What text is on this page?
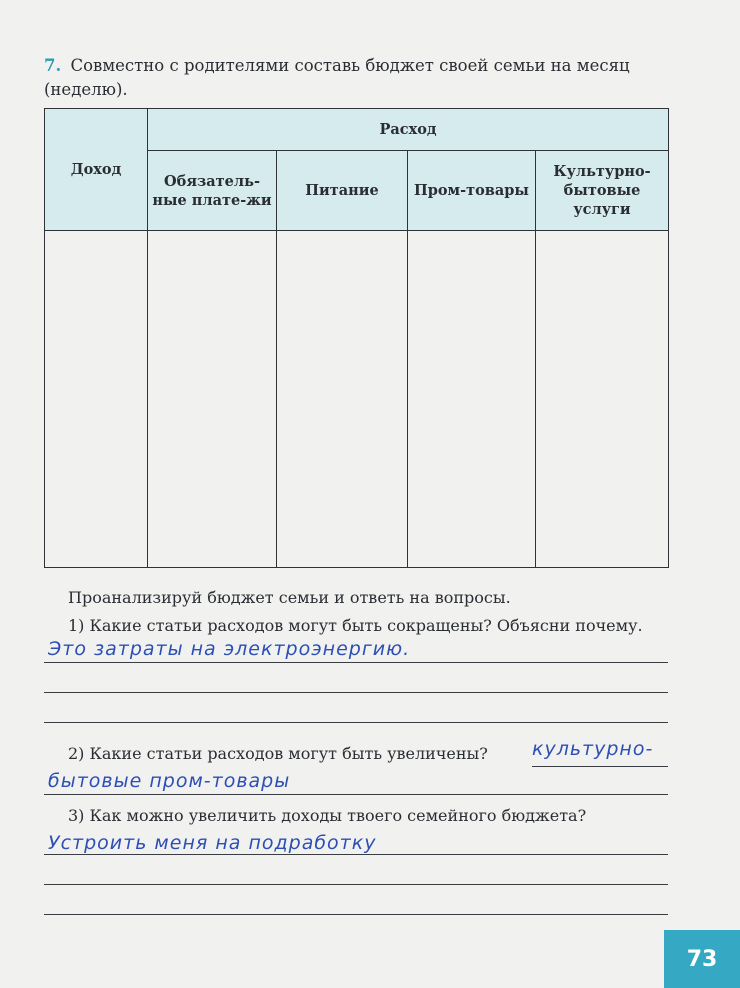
7. Совместно с родителями составь бюджет своей семьи на месяц (неделю).
Доход	Расход			
	Обязатель-ные плате-жи	Питание	Пром-товары	Культурно-бытовые услуги

Проанализируй бюджет семьи и ответь на вопросы.
1) Какие статьи расходов могут быть сокращены? Объясни почему.
Это затраты на электроэнергию.
2) Какие статьи расходов могут быть увеличены? культурно-
бытовые пром-товары
3) Как можно увеличить доходы твоего семейного бюджета?
Устроить меня на подработку
73
